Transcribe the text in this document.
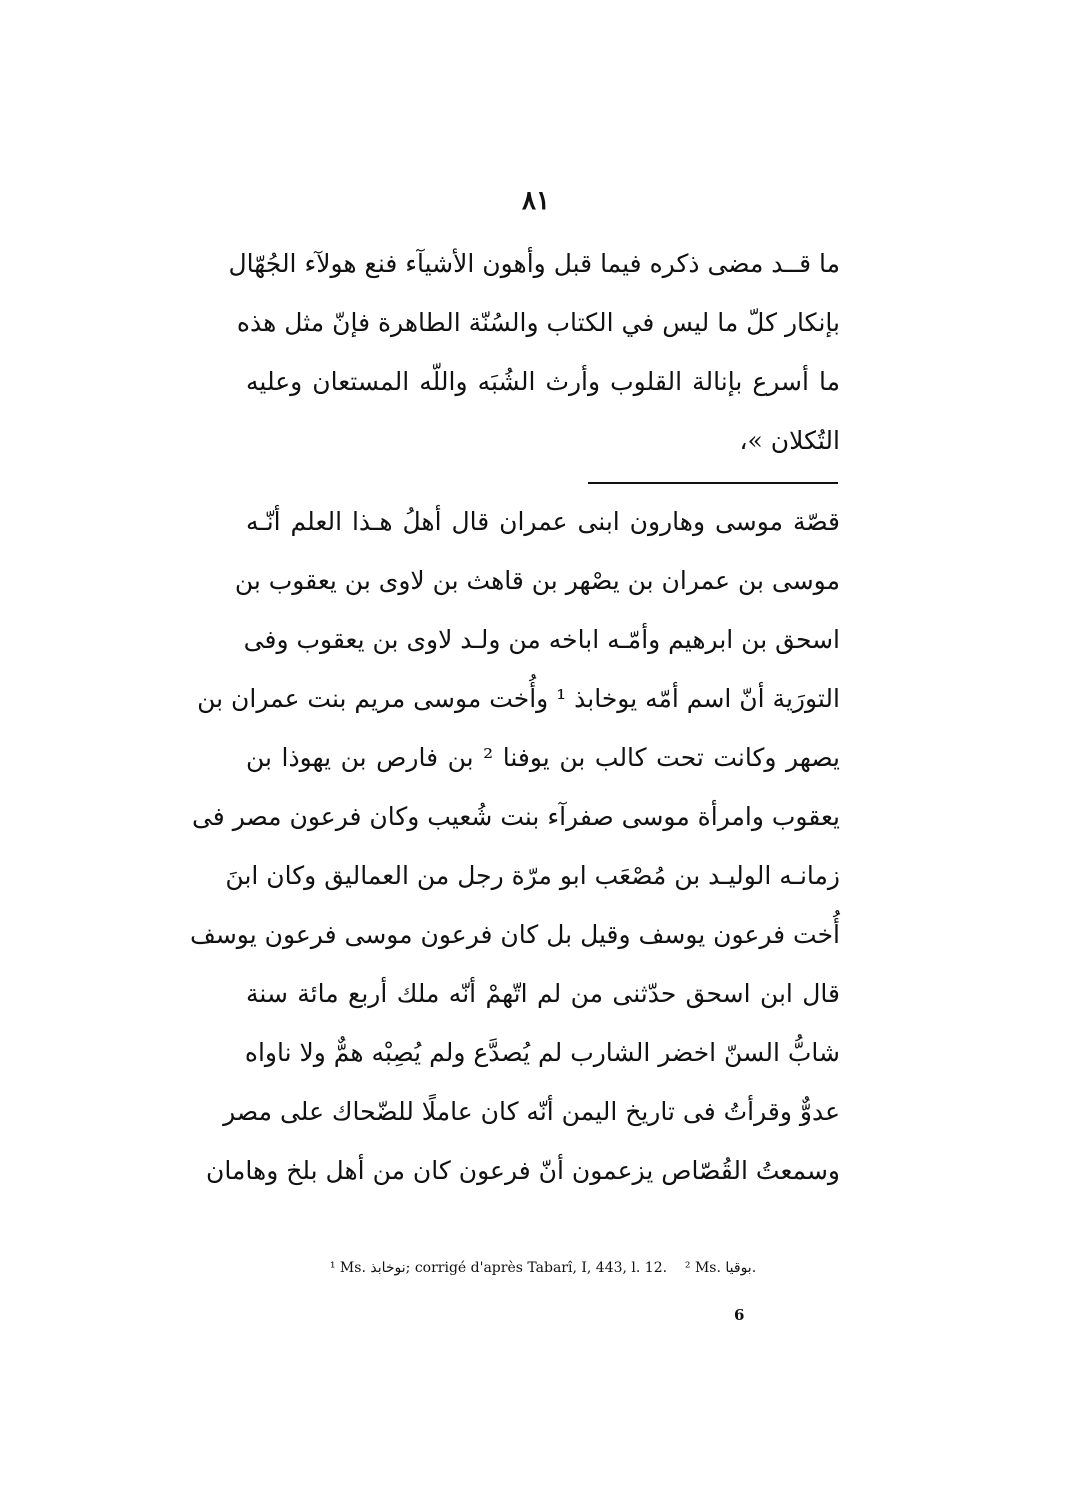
٨١
ما قــد مضى ذكره فيما قبل وأهون الأشيآء فنع هولآء الجُهّال
بإنكار كلّ ما ليس في الكتاب والسُنّة الطاهرة فإنّ مثل هذه
ما أسرع بإنالة القلوب وأرث الشُبَه واللّه المستعان وعليه
التُكلان »،
قصّة موسى وهارون ابنى عمران قال أهلُ هـذا العلم أنّـه
موسى بن عمران بن يصْهر بن قاهث بن لاوى بن يعقوب بن
اسحق بن ابرهيم وأمّـه اباخه من ولـد لاوى بن يعقوب وفى
التورَية أنّ اسم أمّه يوخابذ ¹ وأُخت موسى مريم بنت عمران بن
يصهر وكانت تحت كالب بن يوفنا ² بن فارص بن يهوذا بن
يعقوب وامرأة موسى صفرآء بنت شُعيب وكان فرعون مصر فى
زمانـه الوليـد بن مُصْعَب ابو مرّة رجل من العماليق وكان ابنَ
أُخت فرعون يوسف وقيل بل كان فرعون موسى فرعون يوسف
قال ابن اسحق حدّثنى من لم اتّهمْ أنّه ملك أربع مائة سنة
شابُّ السنّ اخضر الشارب لم يُصدَّع ولم يُصِبْه همٌّ ولا ناواه
عدوٌّ وقرأتُ فى تاريخ اليمن أنّه كان عاملًا للضّحاك على مصر
وسمعتُ القُصّاص يزعمون أنّ فرعون كان من أهل بلخ وهامان
¹ Ms. نوخابذ; corrigé d'après Tabarî, I, 443, l. 12. ² Ms. بوقيا.
6
